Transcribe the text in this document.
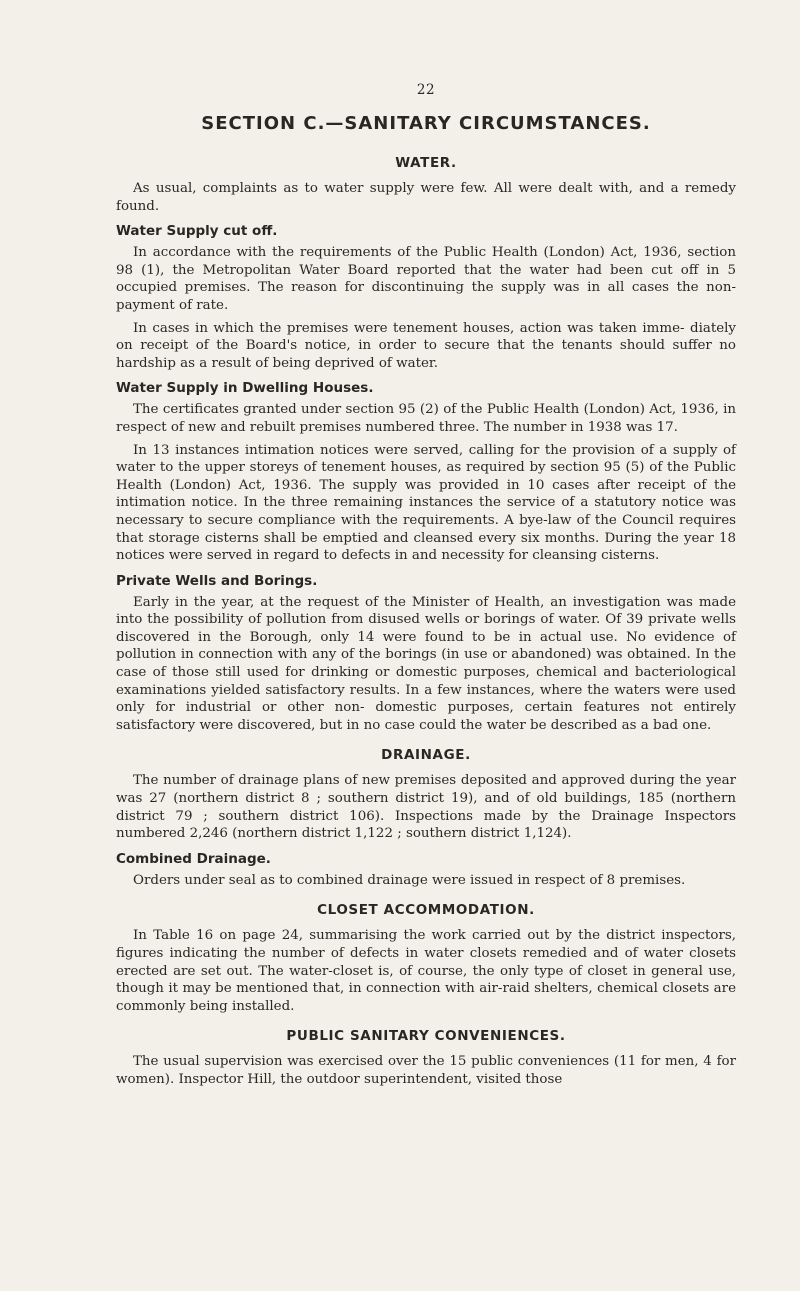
22
SECTION C.—SANITARY CIRCUMSTANCES.
WATER.

As usual, complaints as to water supply were few. All were dealt with, and a remedy found.

Water Supply cut off.

In accordance with the requirements of the Public Health (London) Act, 1936, section 98 (1), the Metropolitan Water Board reported that the water had been cut off in 5 occupied premises. The reason for discontinuing the supply was in all cases the non-payment of rate.

In cases in which the premises were tenement houses, action was taken imme- diately on receipt of the Board's notice, in order to secure that the tenants should suffer no hardship as a result of being deprived of water.

Water Supply in Dwelling Houses.

The certificates granted under section 95 (2) of the Public Health (London) Act, 1936, in respect of new and rebuilt premises numbered three. The number in 1938 was 17.

In 13 instances intimation notices were served, calling for the provision of a supply of water to the upper storeys of tenement houses, as required by section 95 (5) of the Public Health (London) Act, 1936. The supply was provided in 10 cases after receipt of the intimation notice. In the three remaining instances the service of a statutory notice was necessary to secure compliance with the requirements. A bye-law of the Council requires that storage cisterns shall be emptied and cleansed every six months. During the year 18 notices were served in regard to defects in and necessity for cleansing cisterns.

Private Wells and Borings.

Early in the year, at the request of the Minister of Health, an investigation was made into the possibility of pollution from disused wells or borings of water. Of 39 private wells discovered in the Borough, only 14 were found to be in actual use. No evidence of pollution in connection with any of the borings (in use or abandoned) was obtained. In the case of those still used for drinking or domestic purposes, chemical and bacteriological examinations yielded satisfactory results. In a few instances, where the waters were used only for industrial or other non- domestic purposes, certain features not entirely satisfactory were discovered, but in no case could the water be described as a bad one.

DRAINAGE.

The number of drainage plans of new premises deposited and approved during the year was 27 (northern district 8 ; southern district 19), and of old buildings, 185 (northern district 79 ; southern district 106). Inspections made by the Drainage Inspectors numbered 2,246 (northern district 1,122 ; southern district 1,124).

Combined Drainage.

Orders under seal as to combined drainage were issued in respect of 8 premises.

CLOSET ACCOMMODATION.

In Table 16 on page 24, summarising the work carried out by the district inspectors, figures indicating the number of defects in water closets remedied and of water closets erected are set out. The water-closet is, of course, the only type of closet in general use, though it may be mentioned that, in connection with air-raid shelters, chemical closets are commonly being installed.

PUBLIC SANITARY CONVENIENCES.

The usual supervision was exercised over the 15 public conveniences (11 for men, 4 for women). Inspector Hill, the outdoor superintendent, visited those
